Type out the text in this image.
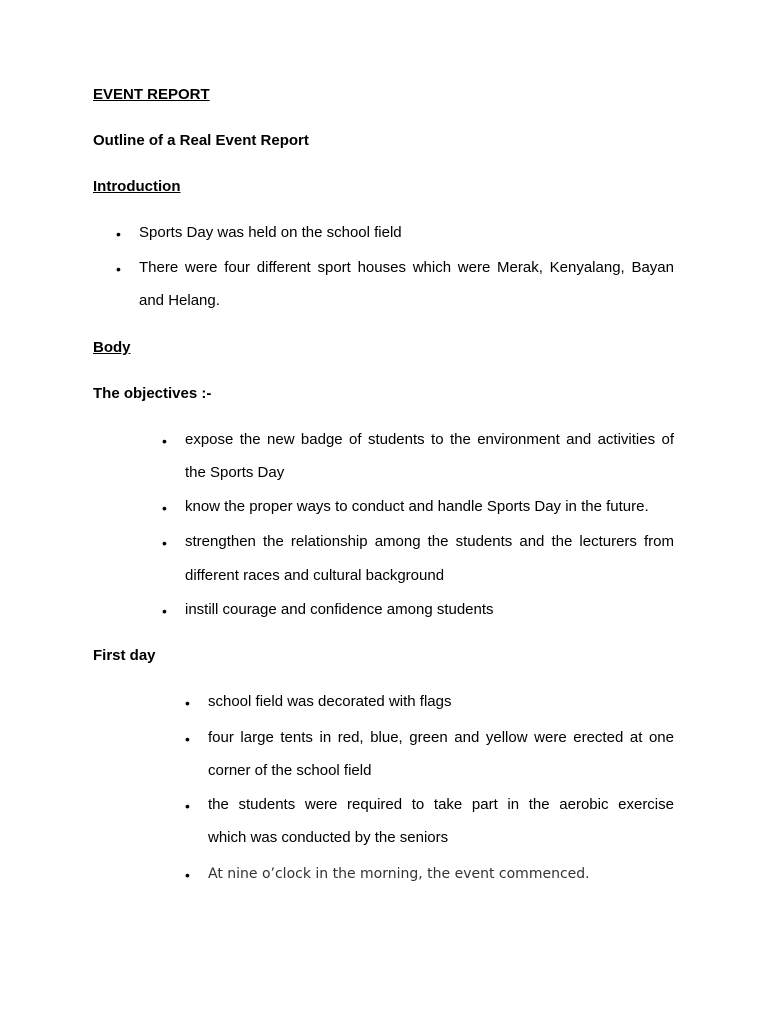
EVENT REPORT
Outline of a Real Event Report
Introduction
• Sports Day was held on the school field
• There were four different sport houses which were Merak, Kenyalang, Bayan
and Helang.
Body
The objectives :-
• expose the new badge of students to the environment and activities of
the Sports Day
• know the proper ways to conduct and handle Sports Day in the future.
• strengthen the relationship among the students and the lecturers from
different races and cultural background
• instill courage and confidence among students
First day
• school field was decorated with flags
• four large tents in red, blue, green and yellow were erected at one
corner of the school field
• the students were required to take part in the aerobic exercise
which was conducted by the seniors
• At nine o’clock in the morning, the event commenced.
